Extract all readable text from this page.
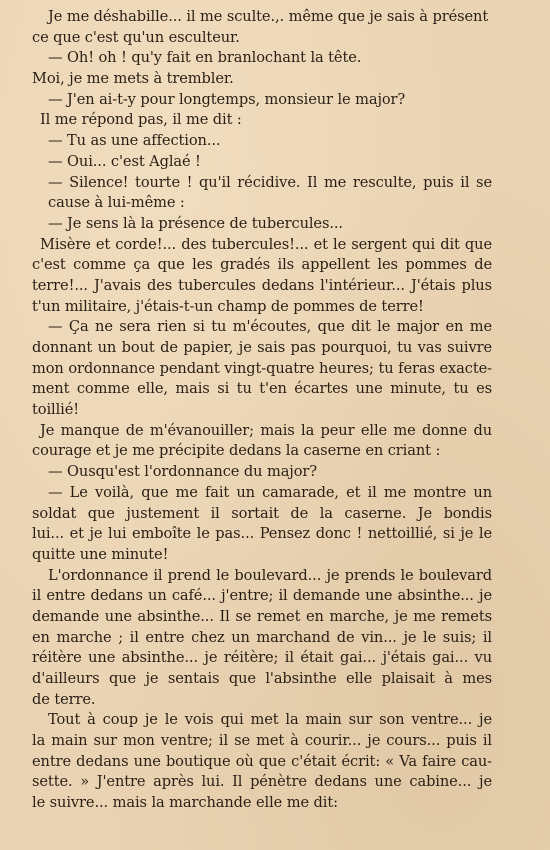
Je me déshabille... il me sculte.,. même que je sais à présent
ce que c'est qu'un esculteur.
— Oh! oh ! qu'y fait en branlochant la tête.
Moi, je me mets à trembler.
— J'en ai-t-y pour longtemps, monsieur le major?
Il me répond pas, il me dit :
— Tu as une affection...
— Oui... c'est Aglaé !
— Silence! tourte ! qu'il récidive. Il me resculte, puis il se
cause à lui-même :
— Je sens là la présence de tubercules...
Misère et corde!... des tubercules!... et le sergent qui dit que
c'est comme ça que les gradés ils appellent les pommes de
terre!... J'avais des tubercules dedans l'intérieur... J'étais plus
t'un militaire, j'étais-t-un champ de pommes de terre!
— Ça ne sera rien si tu m'écoutes, que dit le major en me
donnant un bout de papier, je sais pas pourquoi, tu vas suivre
mon ordonnance pendant vingt-quatre heures; tu feras exacte-
ment comme elle, mais si tu t'en écartes une minute, tu es
toillié!
Je manque de m'évanouiller; mais la peur elle me donne du
courage et je me précipite dedans la caserne en criant :
— Ousqu'est l'ordonnance du major?
— Le voilà, que me fait un camarade, et il me montre un
soldat que justement il sortait de la caserne. Je bondis
lui... et je lui emboîte le pas... Pensez donc ! nettoillié, si je le
quitte une minute!
L'ordonnance il prend le boulevard... je prends le boulevard
il entre dedans un café... j'entre; il demande une absinthe... je
demande une absinthe... Il se remet en marche, je me remets
en marche ; il entre chez un marchand de vin... je le suis; il
réitère une absinthe... je réitère; il était gai... j'étais gai... vu
d'ailleurs que je sentais que l'absinthe elle plaisait à mes
de terre.
Tout à coup je le vois qui met la main sur son ventre... je
la main sur mon ventre; il se met à courir... je cours... puis il
entre dedans une boutique où que c'était écrit: « Va faire cau-
sette. » J'entre après lui. Il pénètre dedans une cabine... je
le suivre... mais la marchande elle me dit:
